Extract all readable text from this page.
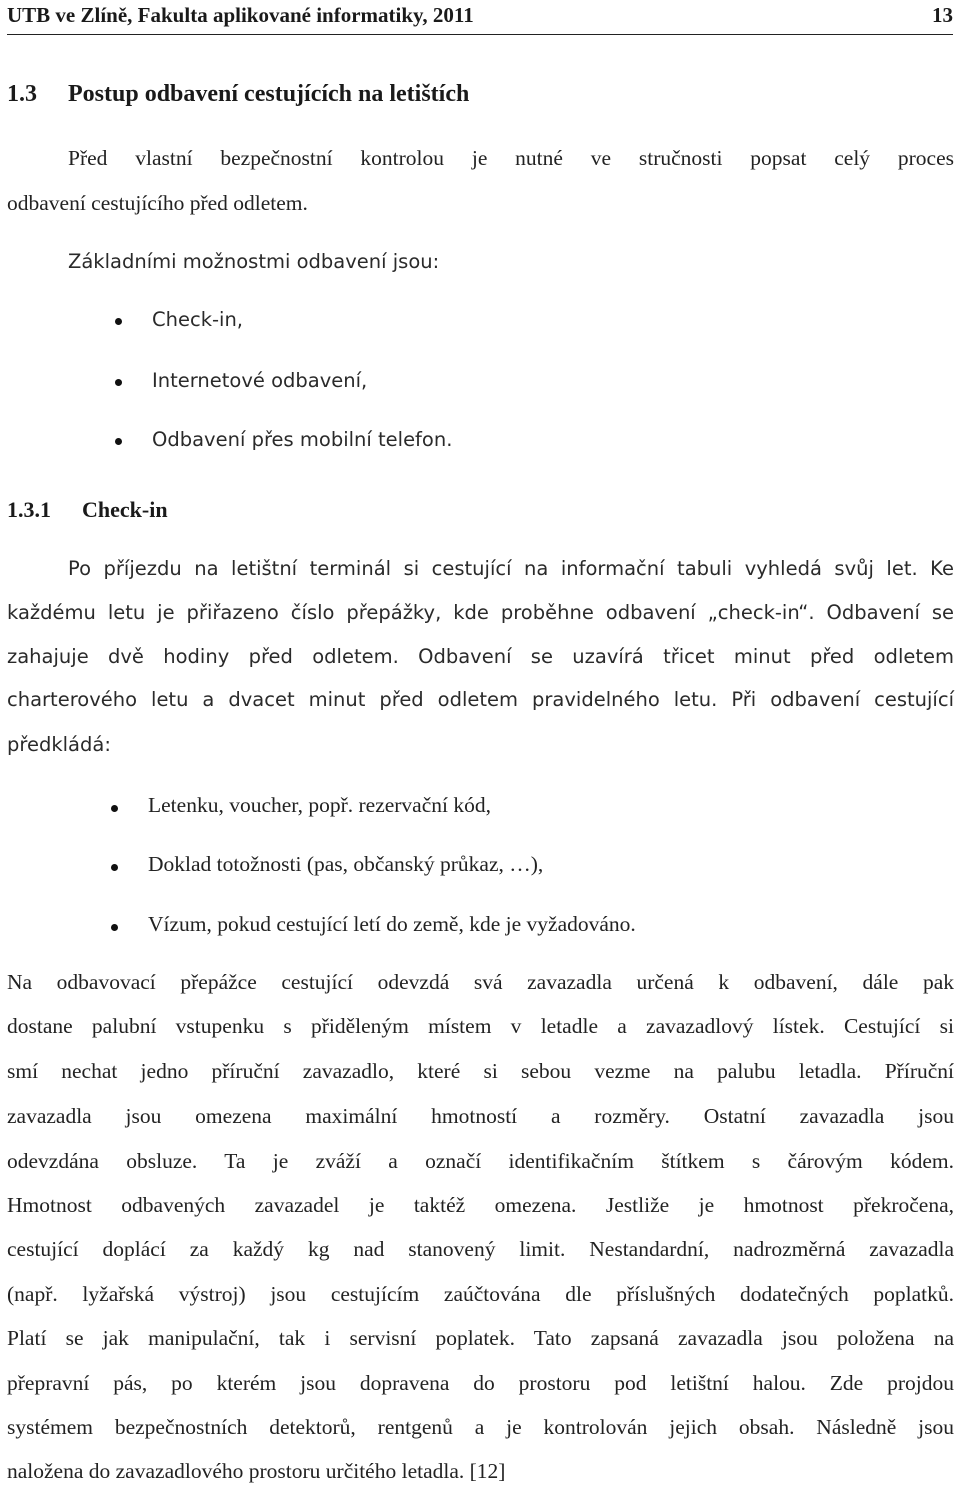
UTB ve Zlíně, Fakulta aplikované informatiky, 2011	13
1.3 Postup odbavení cestujících na letištích
Před vlastní bezpečnostní kontrolou je nutné ve stručnosti popsat celý proces
odbavení cestujícího před odletem.
Základními možnostmi odbavení jsou:
Check-in,
Internetové odbavení,
Odbavení přes mobilní telefon.
1.3.1 Check-in
Po příjezdu na letištní terminál si cestující na informační tabuli vyhledá svůj let. Ke
každému letu je přiřazeno číslo přepážky, kde proběhne odbavení „check-in“. Odbavení se
zahajuje dvě hodiny před odletem. Odbavení se uzavírá třicet minut před odletem
charterového letu a dvacet minut před odletem pravidelného letu. Při odbavení cestující
předkládá:
Letenku, voucher, popř. rezervační kód,
Doklad totožnosti (pas, občanský průkaz, …),
Vízum, pokud cestující letí do země, kde je vyžadováno.
Na odbavovací přepážce cestující odevzdá svá zavazadla určená k odbavení, dále pak
dostane palubní vstupenku s přiděleným místem v letadle a zavazadlový lístek. Cestující si
smí nechat jedno příruční zavazadlo, které si sebou vezme na palubu letadla. Příruční
zavazadla jsou omezena maximální hmotností a rozměry. Ostatní zavazadla jsou
odevzdána obsluze. Ta je zváží a označí identifikačním štítkem s čárovým kódem.
Hmotnost odbavených zavazadel je taktéž omezena. Jestliže je hmotnost překročena,
cestující doplácí za každý kg nad stanovený limit. Nestandardní, nadrozměrná zavazadla
(např. lyžařská výstroj) jsou cestujícím zaúčtována dle příslušných dodatečných poplatků.
Platí se jak manipulační, tak i servisní poplatek. Tato zapsaná zavazadla jsou položena na
přepravní pás, po kterém jsou dopravena do prostoru pod letištní halou. Zde projdou
systémem bezpečnostních detektorů, rentgenů a je kontrolován jejich obsah. Následně jsou
naložena do zavazadlového prostoru určitého letadla. [12]
